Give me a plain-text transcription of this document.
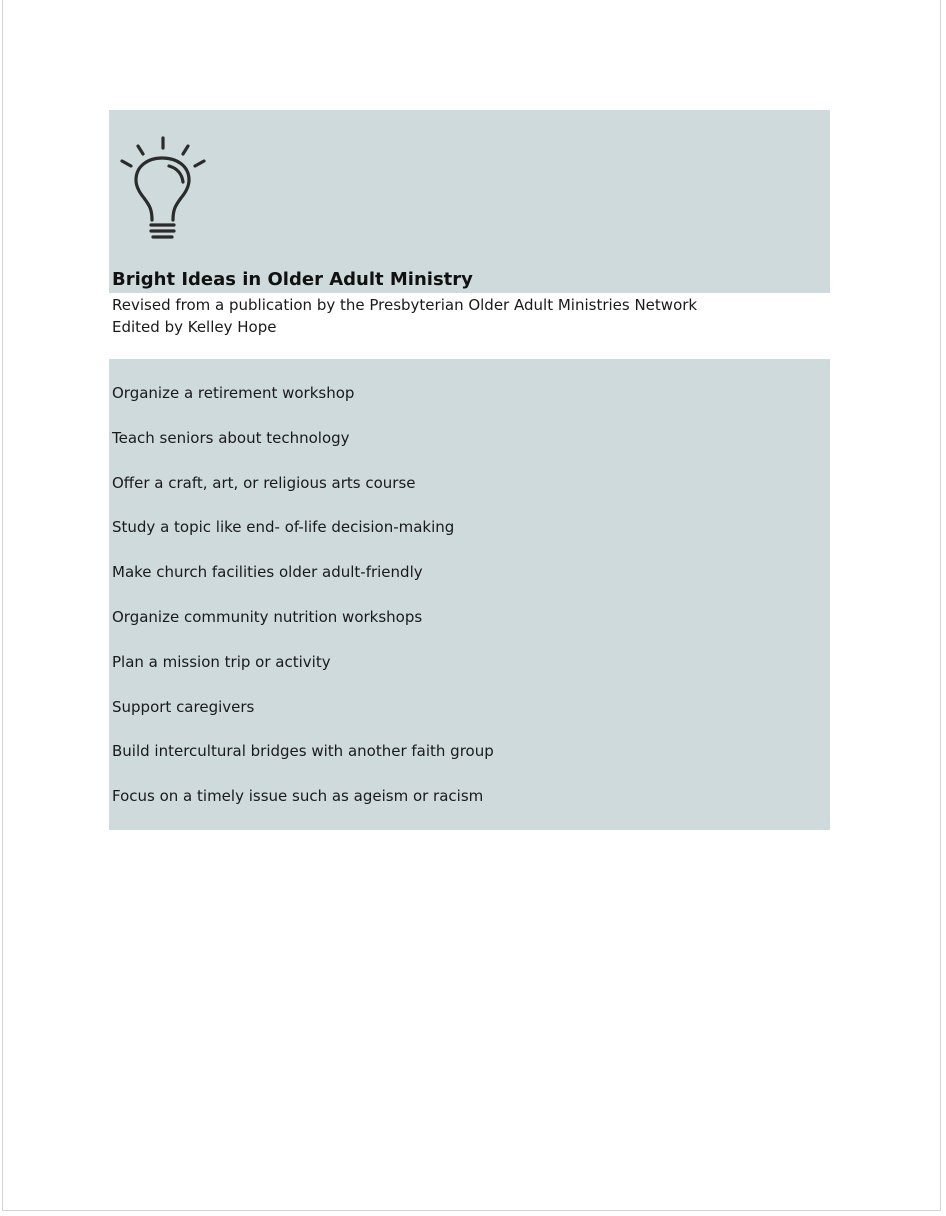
Bright Ideas in Older Adult Ministry

Revised from a publication by the Presbyterian Older Adult Ministries Network

Edited by Kelley Hope

Organize a retirement workshop
Teach seniors about technology
Offer a craft, art, or religious arts course
Study a topic like end- of-life decision-making
Make church facilities older adult-friendly
Organize community nutrition workshops
Plan a mission trip or activity
Support caregivers
Build intercultural bridges with another faith group
Focus on a timely issue such as ageism or racism
